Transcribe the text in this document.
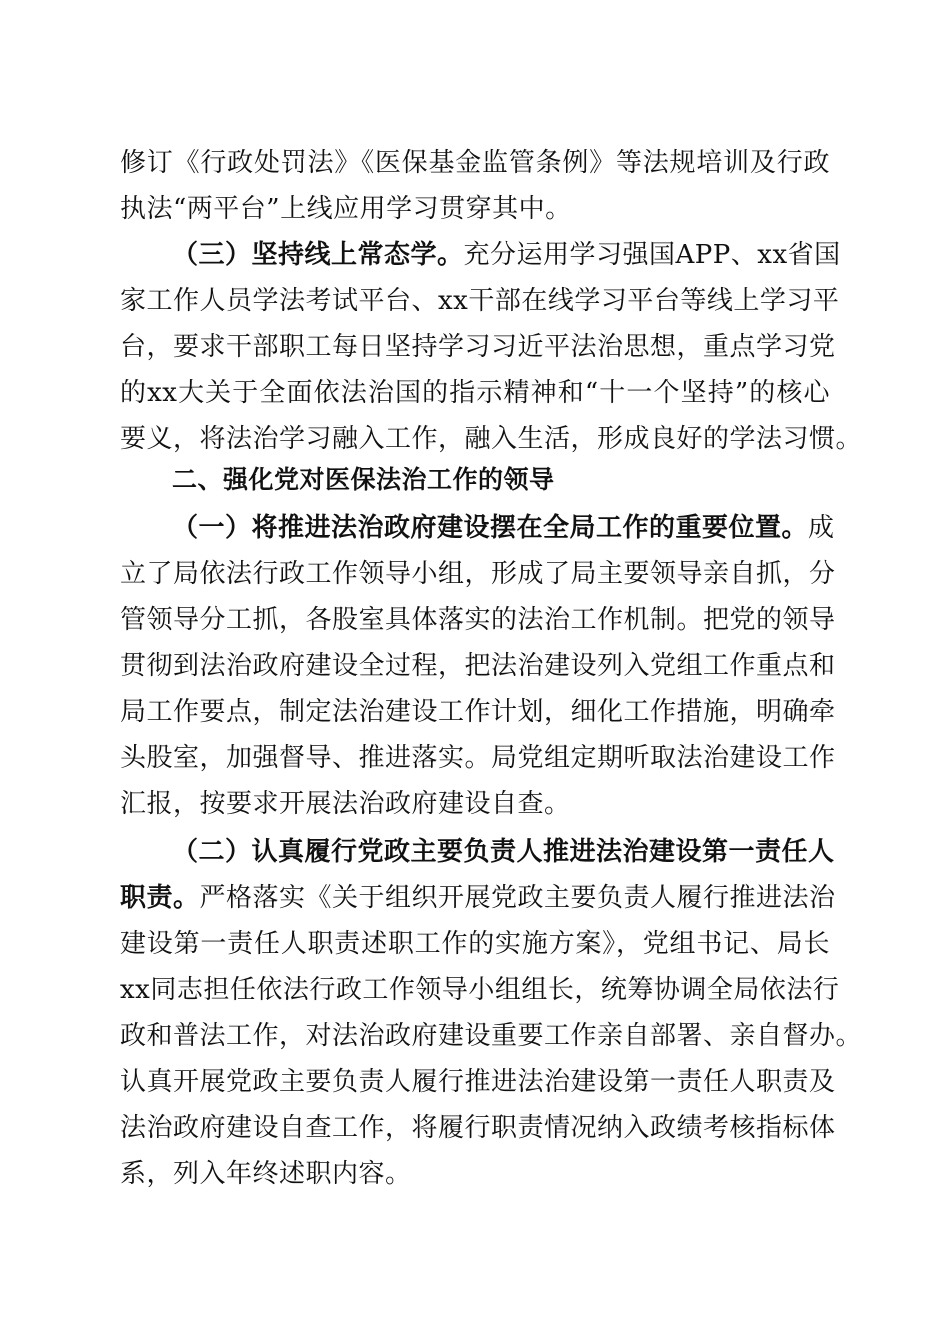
修订《行政处罚法》《医保基金监管条例》等法规培训及行政
执法“两平台”上线应用学习贯穿其中。
（三）坚持线上常态学。充分运用学习强国APP、xx省国
家工作人员学法考试平台、xx干部在线学习平台等线上学习平
台，要求干部职工每日坚持学习习近平法治思想，重点学习党
的xx大关于全面依法治国的指示精神和“十一个坚持”的核心
要义，将法治学习融入工作，融入生活，形成良好的学法习惯。
二、强化党对医保法治工作的领导
（一）将推进法治政府建设摆在全局工作的重要位置。成
立了局依法行政工作领导小组，形成了局主要领导亲自抓，分
管领导分工抓，各股室具体落实的法治工作机制。把党的领导
贯彻到法治政府建设全过程，把法治建设列入党组工作重点和
局工作要点，制定法治建设工作计划，细化工作措施，明确牵
头股室，加强督导、推进落实。局党组定期听取法治建设工作
汇报，按要求开展法治政府建设自查。
（二）认真履行党政主要负责人推进法治建设第一责任人
职责。严格落实《关于组织开展党政主要负责人履行推进法治
建设第一责任人职责述职工作的实施方案》，党组书记、局长
xx同志担任依法行政工作领导小组组长，统筹协调全局依法行
政和普法工作，对法治政府建设重要工作亲自部署、亲自督办。
认真开展党政主要负责人履行推进法治建设第一责任人职责及
法治政府建设自查工作，将履行职责情况纳入政绩考核指标体
系，列入年终述职内容。
